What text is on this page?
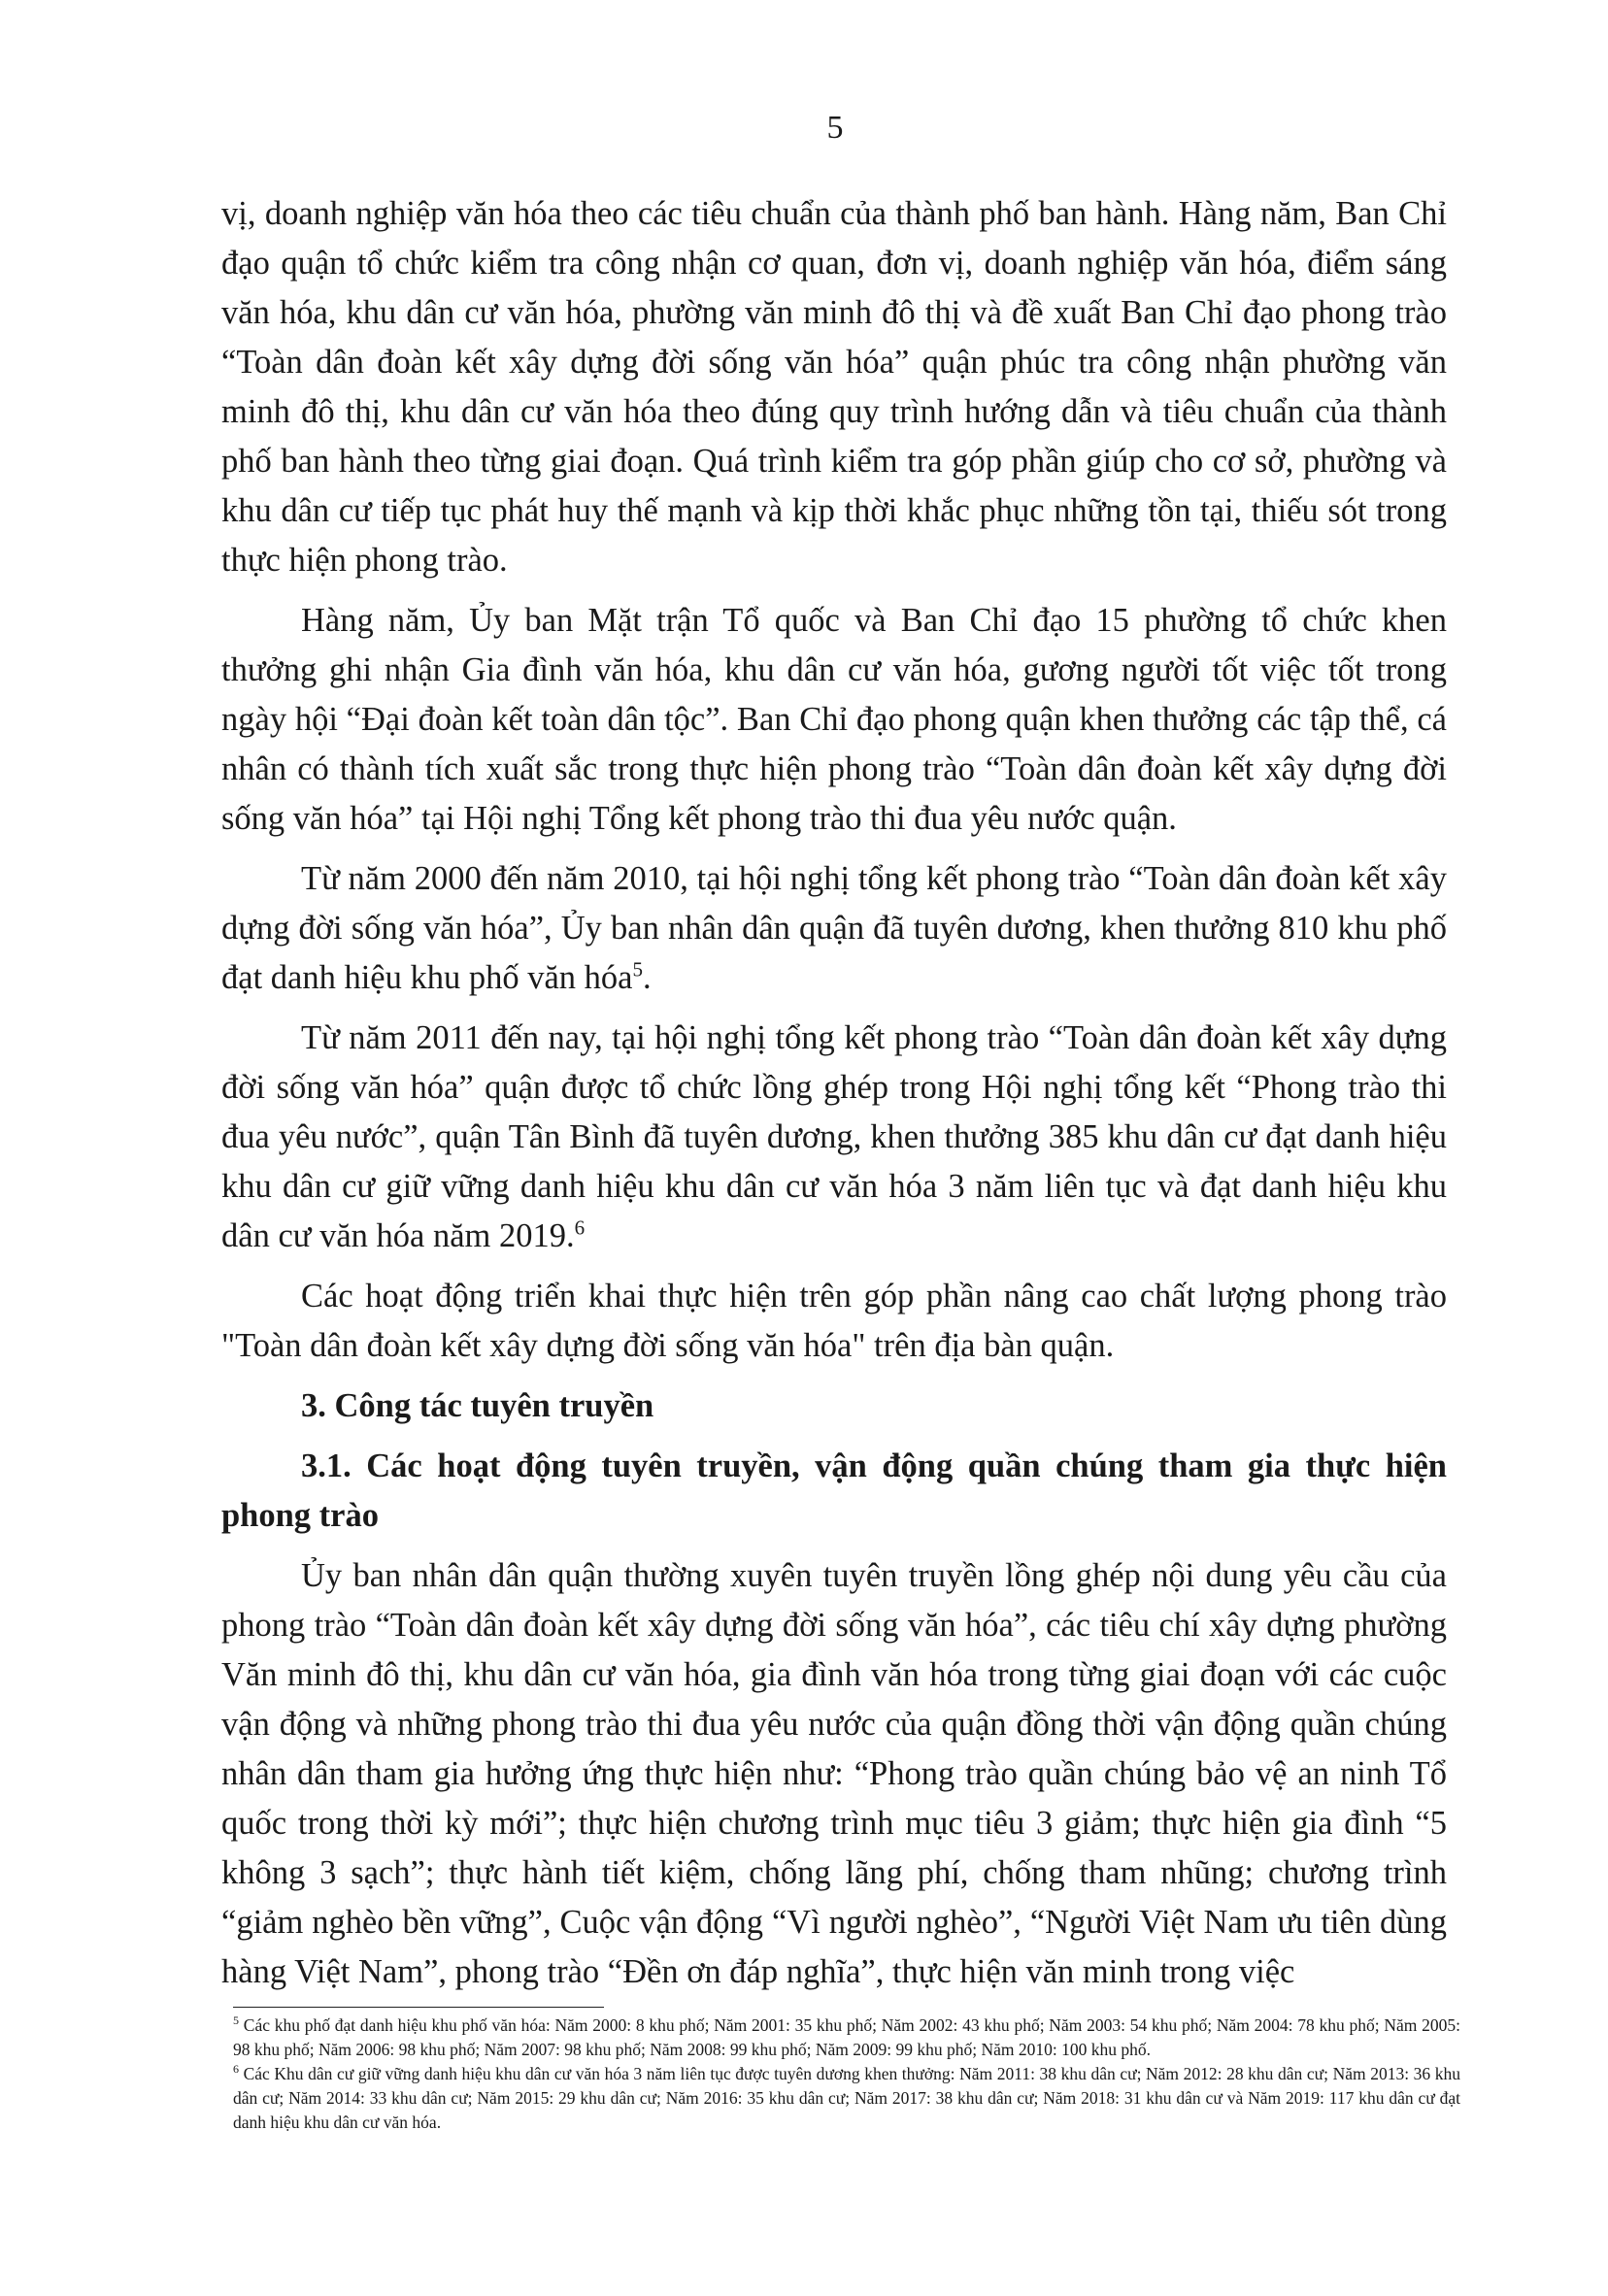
5

vị, doanh nghiệp văn hóa theo các tiêu chuẩn của thành phố ban hành. Hàng năm, Ban Chỉ đạo quận tổ chức kiểm tra công nhận cơ quan, đơn vị, doanh nghiệp văn hóa, điểm sáng văn hóa, khu dân cư văn hóa, phường văn minh đô thị và đề xuất Ban Chỉ đạo phong trào “Toàn dân đoàn kết xây dựng đời sống văn hóa” quận phúc tra công nhận phường văn minh đô thị, khu dân cư văn hóa theo đúng quy trình hướng dẫn và tiêu chuẩn của thành phố ban hành theo từng giai đoạn. Quá trình kiểm tra góp phần giúp cho cơ sở, phường và khu dân cư tiếp tục phát huy thế mạnh và kịp thời khắc phục những tồn tại, thiếu sót trong thực hiện phong trào.

Hàng năm, Ủy ban Mặt trận Tổ quốc và Ban Chỉ đạo 15 phường tổ chức khen thưởng ghi nhận Gia đình văn hóa, khu dân cư văn hóa, gương người tốt việc tốt trong ngày hội “Đại đoàn kết toàn dân tộc”. Ban Chỉ đạo phong quận khen thưởng các tập thể, cá nhân có thành tích xuất sắc trong thực hiện phong trào “Toàn dân đoàn kết xây dựng đời sống văn hóa” tại Hội nghị Tổng kết phong trào thi đua yêu nước quận.

Từ năm 2000 đến năm 2010, tại hội nghị tổng kết phong trào “Toàn dân đoàn kết xây dựng đời sống văn hóa”, Ủy ban nhân dân quận đã tuyên dương, khen thưởng 810 khu phố đạt danh hiệu khu phố văn hóa$^5$.

Từ năm 2011 đến nay, tại hội nghị tổng kết phong trào “Toàn dân đoàn kết xây dựng đời sống văn hóa” quận được tổ chức lồng ghép trong Hội nghị tổng kết “Phong trào thi đua yêu nước”, quận Tân Bình đã tuyên dương, khen thưởng 385 khu dân cư đạt danh hiệu khu dân cư giữ vững danh hiệu khu dân cư văn hóa 3 năm liên tục và đạt danh hiệu khu dân cư văn hóa năm 2019.$^6$

Các hoạt động triển khai thực hiện trên góp phần nâng cao chất lượng phong trào "Toàn dân đoàn kết xây dựng đời sống văn hóa" trên địa bàn quận.

3. Công tác tuyên truyền
3.1. Các hoạt động tuyên truyền, vận động quần chúng tham gia thực hiện phong trào

Ủy ban nhân dân quận thường xuyên tuyên truyền lồng ghép nội dung yêu cầu của phong trào “Toàn dân đoàn kết xây dựng đời sống văn hóa”, các tiêu chí xây dựng phường Văn minh đô thị, khu dân cư văn hóa, gia đình văn hóa trong từng giai đoạn với các cuộc vận động và những phong trào thi đua yêu nước của quận đồng thời vận động quần chúng nhân dân tham gia hưởng ứng thực hiện như: “Phong trào quần chúng bảo vệ an ninh Tổ quốc trong thời kỳ mới”; thực hiện chương trình mục tiêu 3 giảm; thực hiện gia đình “5 không 3 sạch”; thực hành tiết kiệm, chống lãng phí, chống tham nhũng; chương trình “giảm nghèo bền vững”, Cuộc vận động “Vì người nghèo”, “Người Việt Nam ưu tiên dùng hàng Việt Nam”, phong trào “Đền ơn đáp nghĩa”, thực hiện văn minh trong việc

$^5$ Các khu phố đạt danh hiệu khu phố văn hóa: Năm 2000: 8 khu phố; Năm 2001: 35 khu phố; Năm 2002: 43 khu phố; Năm 2003: 54 khu phố; Năm 2004: 78 khu phố; Năm 2005: 98 khu phố; Năm 2006: 98 khu phố; Năm 2007: 98 khu phố; Năm 2008: 99 khu phố; Năm 2009: 99 khu phố; Năm 2010: 100 khu phố.

$^6$ Các Khu dân cư giữ vững danh hiệu khu dân cư văn hóa 3 năm liên tục được tuyên dương khen thưởng: Năm 2011: 38 khu dân cư; Năm 2012: 28 khu dân cư; Năm 2013: 36 khu dân cư; Năm 2014: 33 khu dân cư; Năm 2015: 29 khu dân cư; Năm 2016: 35 khu dân cư; Năm 2017: 38 khu dân cư; Năm 2018: 31 khu dân cư và Năm 2019: 117 khu dân cư đạt danh hiệu khu dân cư văn hóa.
